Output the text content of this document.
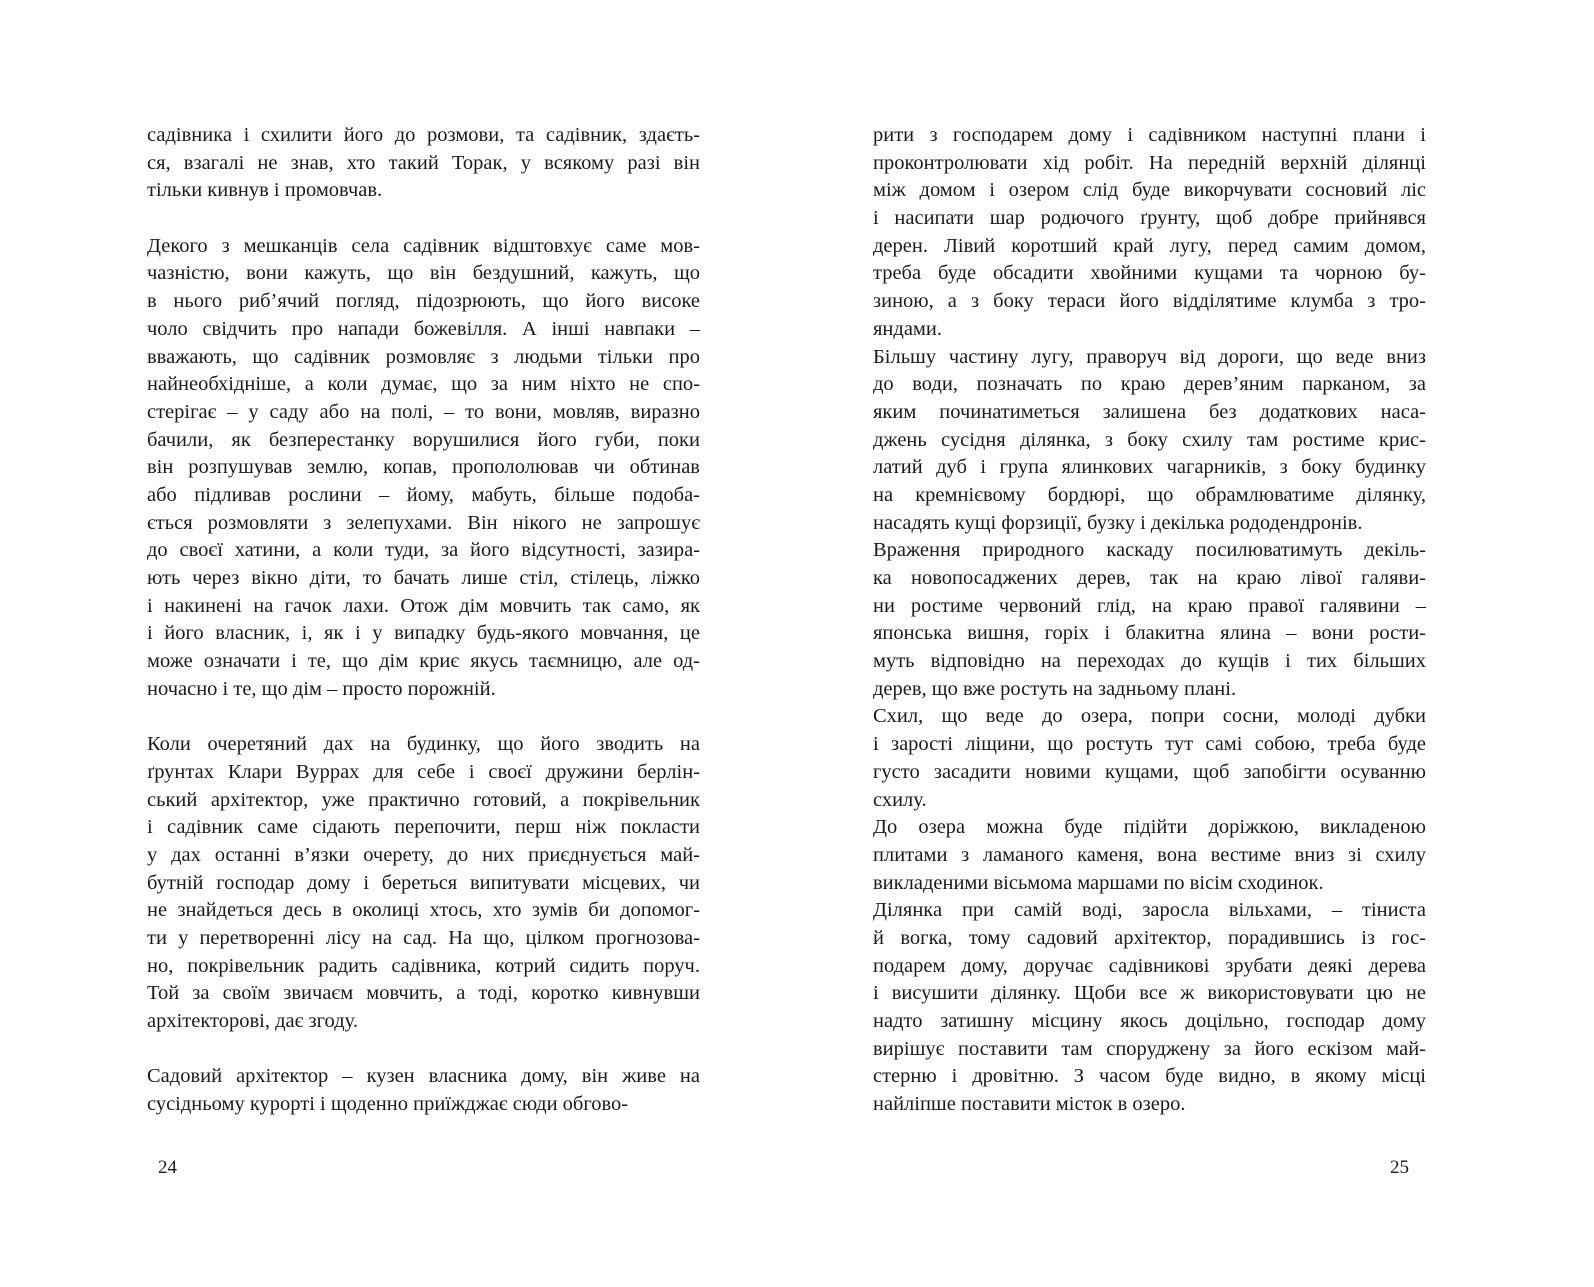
садівника і схилити його до розмови, та садівник, здаєть-
ся, взагалі не знав, хто такий Торак, у всякому разі він
тільки кивнув і промовчав.
Декого з мешканців села садівник відштовхує саме мов-
чазністю, вони кажуть, що він бездушний, кажуть, що
в нього риб’ячий погляд, підозрюють, що його високе
чоло свідчить про напади божевілля. А інші навпаки –
вважають, що садівник розмовляє з людьми тільки про
найнеобхідніше, а коли думає, що за ним ніхто не спо-
стерігає – у саду або на полі, – то вони, мовляв, виразно
бачили, як безперестанку ворушилися його губи, поки
він розпушував землю, копав, пропололював чи обтинав
або підливав рослини – йому, мабуть, більше подоба-
ється розмовляти з зелепухами. Він нікого не запрошує
до своєї хатини, а коли туди, за його відсутності, зазира-
ють через вікно діти, то бачать лише стіл, стілець, ліжко
і накинені на гачок лахи. Отож дім мовчить так само, як
і його власник, і, як і у випадку будь-якого мовчання, це
може означати і те, що дім криє якусь таємницю, але од-
ночасно і те, що дім – просто порожній.
Коли очеретяний дах на будинку, що його зводить на
ґрунтах Клари Вуррах для себе і своєї дружини берлін-
ський архітектор, уже практично готовий, а покрівельник
і садівник саме сідають перепочити, перш ніж покласти
у дах останні в’язки очерету, до них приєднується май-
бутній господар дому і береться випитувати місцевих, чи
не знайдеться десь в околиці хтось, хто зумів би допомог-
ти у перетворенні лісу на сад. На що, цілком прогнозова-
но, покрівельник радить садівника, котрий сидить поруч.
Той за своїм звичаєм мовчить, а тоді, коротко кивнувши
архітекторові, дає згоду.
Садовий архітектор – кузен власника дому, він живе на
сусідньому курорті і щоденно приїжджає сюди обгово-
24
рити з господарем дому і садівником наступні плани і
проконтролювати хід робіт. На передній верхній ділянці
між домом і озером слід буде викорчувати сосновий ліс
і насипати шар родючого ґрунту, щоб добре прийнявся
дерен. Лівий коротший край лугу, перед самим домом,
треба буде обсадити хвойними кущами та чорною бу-
зиною, а з боку тераси його відділятиме клумба з тро-
яндами.
Більшу частину лугу, праворуч від дороги, що веде вниз
до води, позначать по краю дерев’яним парканом, за
яким починатиметься залишена без додаткових наса-
джень сусідня ділянка, з боку схилу там ростиме крис-
латий дуб і група ялинкових чагарників, з боку будинку
на кремнієвому бордюрі, що обрамлюватиме ділянку,
насадять кущі форзиції, бузку і декілька рододендронів.
Враження природного каскаду посилюватимуть декіль-
ка новопосаджених дерев, так на краю лівої галяви-
ни ростиме червоний глід, на краю правої галявини –
японська вишня, горіх і блакитна ялина – вони рости-
муть відповідно на переходах до кущів і тих більших
дерев, що вже ростуть на задньому плані.
Схил, що веде до озера, попри сосни, молоді дубки
і зарості ліщини, що ростуть тут самі собою, треба буде
густо засадити новими кущами, щоб запобігти осуванню
схилу.
До озера можна буде підійти доріжкою, викладеною
плитами з ламаного каменя, вона вестиме вниз зі схилу
викладеними вісьмома маршами по вісім сходинок.
Ділянка при самій воді, заросла вільхами, – тіниста
й вогка, тому садовий архітектор, порадившись із гос-
подарем дому, доручає садівникові зрубати деякі дерева
і висушити ділянку. Щоби все ж використовувати цю не
надто затишну місцину якось доцільно, господар дому
вирішує поставити там споруджену за його ескізом май-
стерню і дровітню. З часом буде видно, в якому місці
найліпше поставити місток в озеро.
25
